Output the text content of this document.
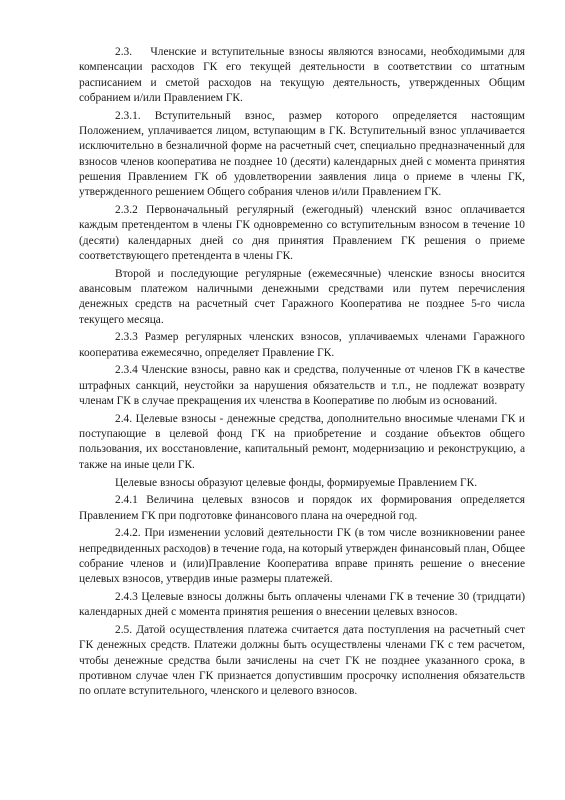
2.3.    Членские и вступительные взносы являются взносами, необходимыми для компенсации расходов ГК его текущей деятельности в соответствии со штатным расписанием и сметой расходов на текущую деятельность, утвержденных Общим собранием и/или Правлением ГК.

2.3.1. Вступительный взнос, размер которого определяется настоящим Положением, уплачивается лицом, вступающим в ГК. Вступительный взнос уплачивается исключительно в безналичной форме на расчетный счет, специально предназначенный для взносов членов кооператива не позднее 10 (десяти) календарных дней с момента принятия решения Правлением ГК об удовлетворении заявления лица о приеме в члены ГК, утвержденного решением Общего собрания членов и/или Правлением ГК.

2.3.2 Первоначальный регулярный (ежегодный) членский взнос оплачивается каждым претендентом в члены ГК одновременно со вступительным взносом в течение 10 (десяти) календарных дней со дня принятия Правлением ГК решения о приеме соответствующего претендента в члены ГК.

Второй и последующие регулярные (ежемесячные) членские взносы вносится авансовым платежом наличными денежными средствами или путем перечисления денежных средств на расчетный счет Гаражного Кооператива не позднее 5-го числа текущего месяца.

2.3.3 Размер регулярных членских взносов, уплачиваемых членами Гаражного кооператива ежемесячно, определяет Правление ГК.

2.3.4 Членские взносы, равно как и средства, полученные от членов ГК в качестве штрафных санкций, неустойки за нарушения обязательств и т.п., не подлежат возврату членам ГК в случае прекращения их членства в Кооперативе по любым из оснований.

2.4. Целевые взносы - денежные средства, дополнительно вносимые членами ГК и поступающие в целевой фонд ГК на приобретение и создание объектов общего пользования, их восстановление, капитальный ремонт, модернизацию и реконструкцию, а также на иные цели ГК.

Целевые взносы образуют целевые фонды, формируемые Правлением ГК.

2.4.1 Величина целевых взносов и порядок их формирования определяется Правлением ГК при подготовке финансового плана на очередной год.

2.4.2. При изменении условий деятельности ГК (в том числе возникновении ранее непредвиденных расходов) в течение года, на который утвержден финансовый план, Общее собрание членов и (или)Правление Кооператива вправе принять решение о внесение целевых взносов, утвердив иные размеры платежей.

2.4.3 Целевые взносы должны быть оплачены членами ГК в течение 30 (тридцати) календарных дней с момента принятия решения о внесении целевых взносов.

2.5. Датой осуществления платежа считается дата поступления на расчетный счет ГК денежных средств. Платежи должны быть осуществлены членами ГК с тем расчетом, чтобы денежные средства были зачислены на счет ГК не позднее указанного срока, в противном случае член ГК признается допустившим просрочку исполнения обязательств по оплате вступительного, членского и целевого взносов.
